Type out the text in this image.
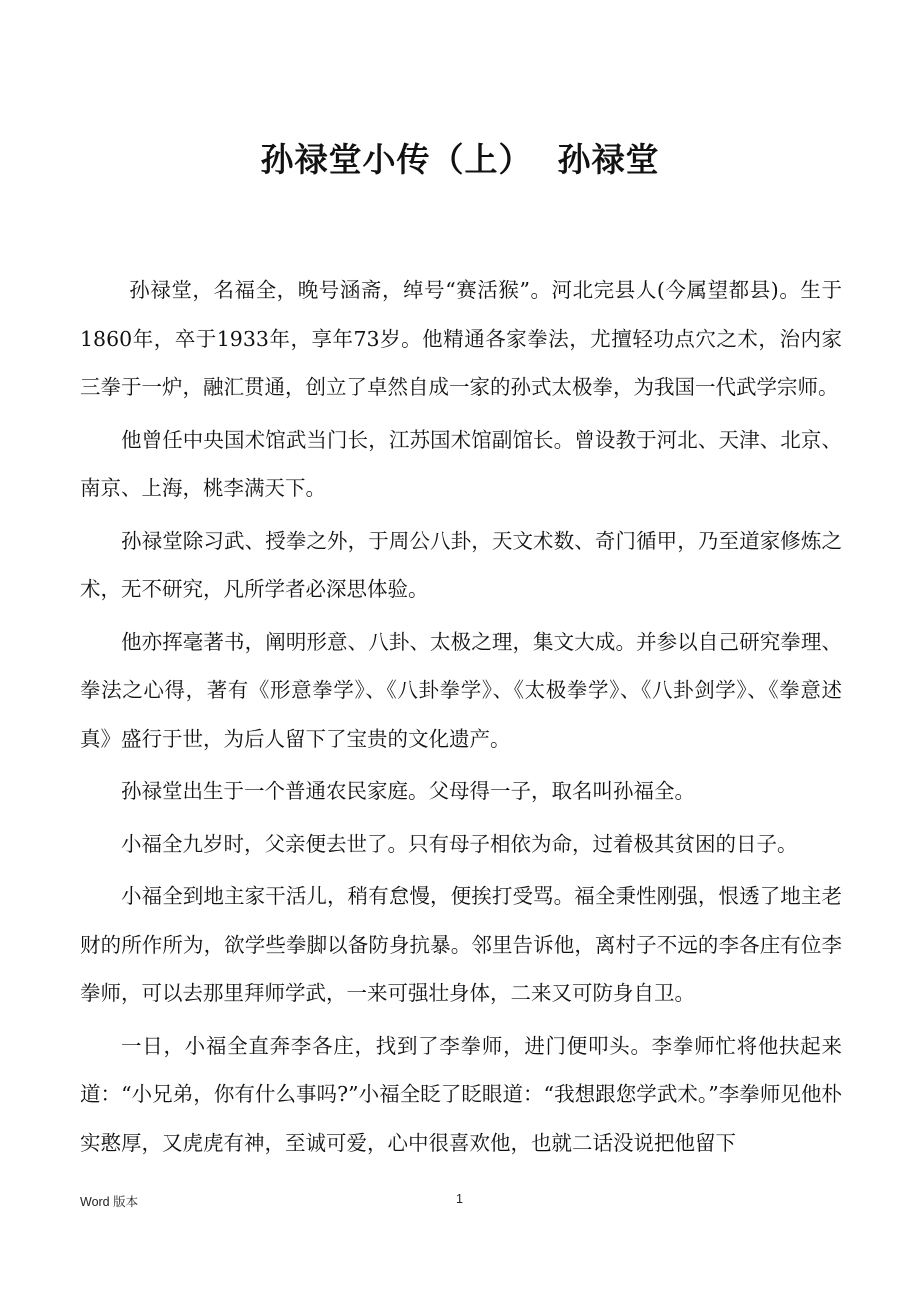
孙禄堂小传（上）  孙禄堂

孙禄堂，名福全，晚号涵斋，绰号“赛活猴”。河北完县人(今属望都县)。生于1860年，卒于1933年，享年73岁。他精通各家拳法，尤擅轻功点穴之术，治内家三拳于一炉，融汇贯通，创立了卓然自成一家的孙式太极拳，为我国一代武学宗师。

他曾任中央国术馆武当门长，江苏国术馆副馆长。曾设教于河北、天津、北京、南京、上海，桃李满天下。

孙禄堂除习武、授拳之外，于周公八卦，天文术数、奇门循甲，乃至道家修炼之术，无不研究，凡所学者必深思体验。

他亦挥毫著书，阐明形意、八卦、太极之理，集文大成。并参以自己研究拳理、拳法之心得，著有《形意拳学》、《八卦拳学》、《太极拳学》、《八卦剑学》、《拳意述真》盛行于世，为后人留下了宝贵的文化遗产。

孙禄堂出生于一个普通农民家庭。父母得一子，取名叫孙福全。

小福全九岁时，父亲便去世了。只有母子相依为命，过着极其贫困的日子。

小福全到地主家干活儿，稍有怠慢，便挨打受骂。福全秉性刚强，恨透了地主老财的所作所为，欲学些拳脚以备防身抗暴。邻里告诉他，离村子不远的李各庄有位李拳师，可以去那里拜师学武，一来可强壮身体，二来又可防身自卫。

一日，小福全直奔李各庄，找到了李拳师，进门便叩头。李拳师忙将他扶起来道：“小兄弟，你有什么事吗?”小福全眨了眨眼道：“我想跟您学武术。”李拳师见他朴实憨厚，又虎虎有神，至诚可爱，心中很喜欢他，也就二话没说把他留下

Word 版本	1
